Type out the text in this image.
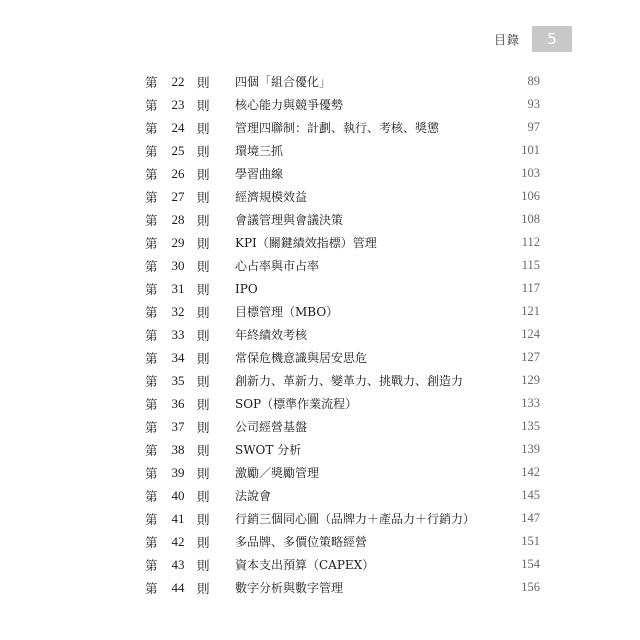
目錄	5
第	22	則	四個「組合優化」	89
第	23	則	核心能力與競爭優勢	93
第	24	則	管理四聯制：計劃、執行、考核、獎懲	97
第	25	則	環境三抓	101
第	26	則	學習曲線	103
第	27	則	經濟規模效益	106
第	28	則	會議管理與會議決策	108
第	29	則	KPI（關鍵績效指標）管理	112
第	30	則	心占率與市占率	115
第	31	則	IPO	117
第	32	則	目標管理（MBO）	121
第	33	則	年終績效考核	124
第	34	則	常保危機意識與居安思危	127
第	35	則	創新力、革新力、變革力、挑戰力、創造力	129
第	36	則	SOP（標準作業流程）	133
第	37	則	公司經營基盤	135
第	38	則	SWOT 分析	139
第	39	則	激勵／獎勵管理	142
第	40	則	法說會	145
第	41	則	行銷三個同心圓（品牌力＋產品力＋行銷力）	147
第	42	則	多品牌、多價位策略經營	151
第	43	則	資本支出預算（CAPEX）	154
第	44	則	數字分析與數字管理	156
